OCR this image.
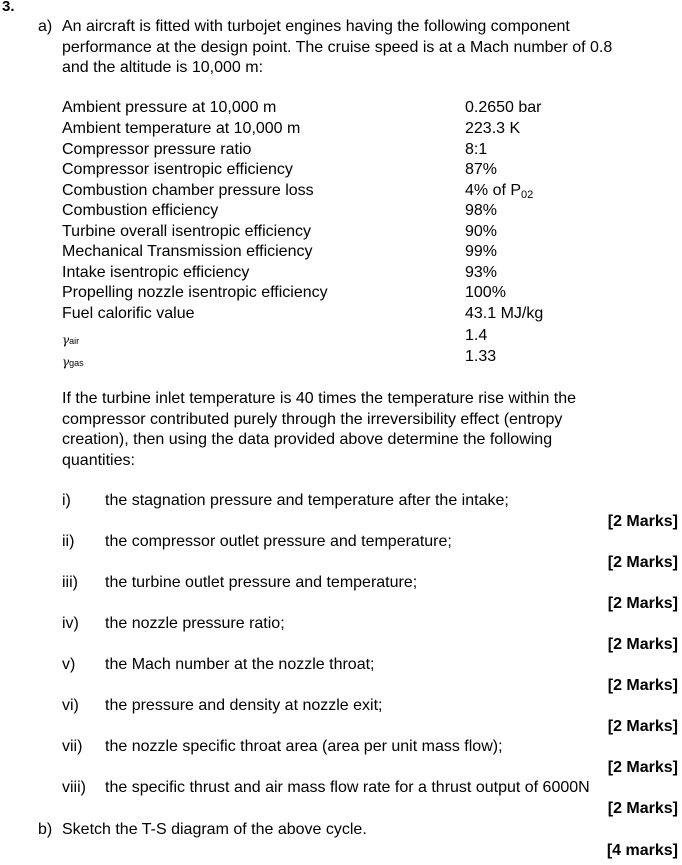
3.
a) An aircraft is fitted with turbojet engines having the following component
performance at the design point. The cruise speed is at a Mach number of 0.8
and the altitude is 10,000 m:
Ambient pressure at 10,000 m	0.2650 bar
Ambient temperature at 10,000 m	223.3 K
Compressor pressure ratio	8:1
Compressor isentropic efficiency	87%
Combustion chamber pressure loss	4% of $P_{02}$
Combustion efficiency	98%
Turbine overall isentropic efficiency	90%
Mechanical Transmission efficiency	99%
Intake isentropic efficiency	93%
Propelling nozzle isentropic efficiency	100%
Fuel calorific value	43.1 MJ/kg
γair	1.4
γgas	1.33
If the turbine inlet temperature is 40 times the temperature rise within the
compressor contributed purely through the irreversibility effect (entropy
creation), then using the data provided above determine the following
quantities:
i) the stagnation pressure and temperature after the intake;
[2 Marks]
ii) the compressor outlet pressure and temperature;
[2 Marks]
iii) the turbine outlet pressure and temperature;
[2 Marks]
iv) the nozzle pressure ratio;
[2 Marks]
v) the Mach number at the nozzle throat;
[2 Marks]
vi) the pressure and density at nozzle exit;
[2 Marks]
vii) the nozzle specific throat area (area per unit mass flow);
[2 Marks]
viii) the specific thrust and air mass flow rate for a thrust output of 6000N
[2 Marks]
b) Sketch the T-S diagram of the above cycle.
[4 marks]
